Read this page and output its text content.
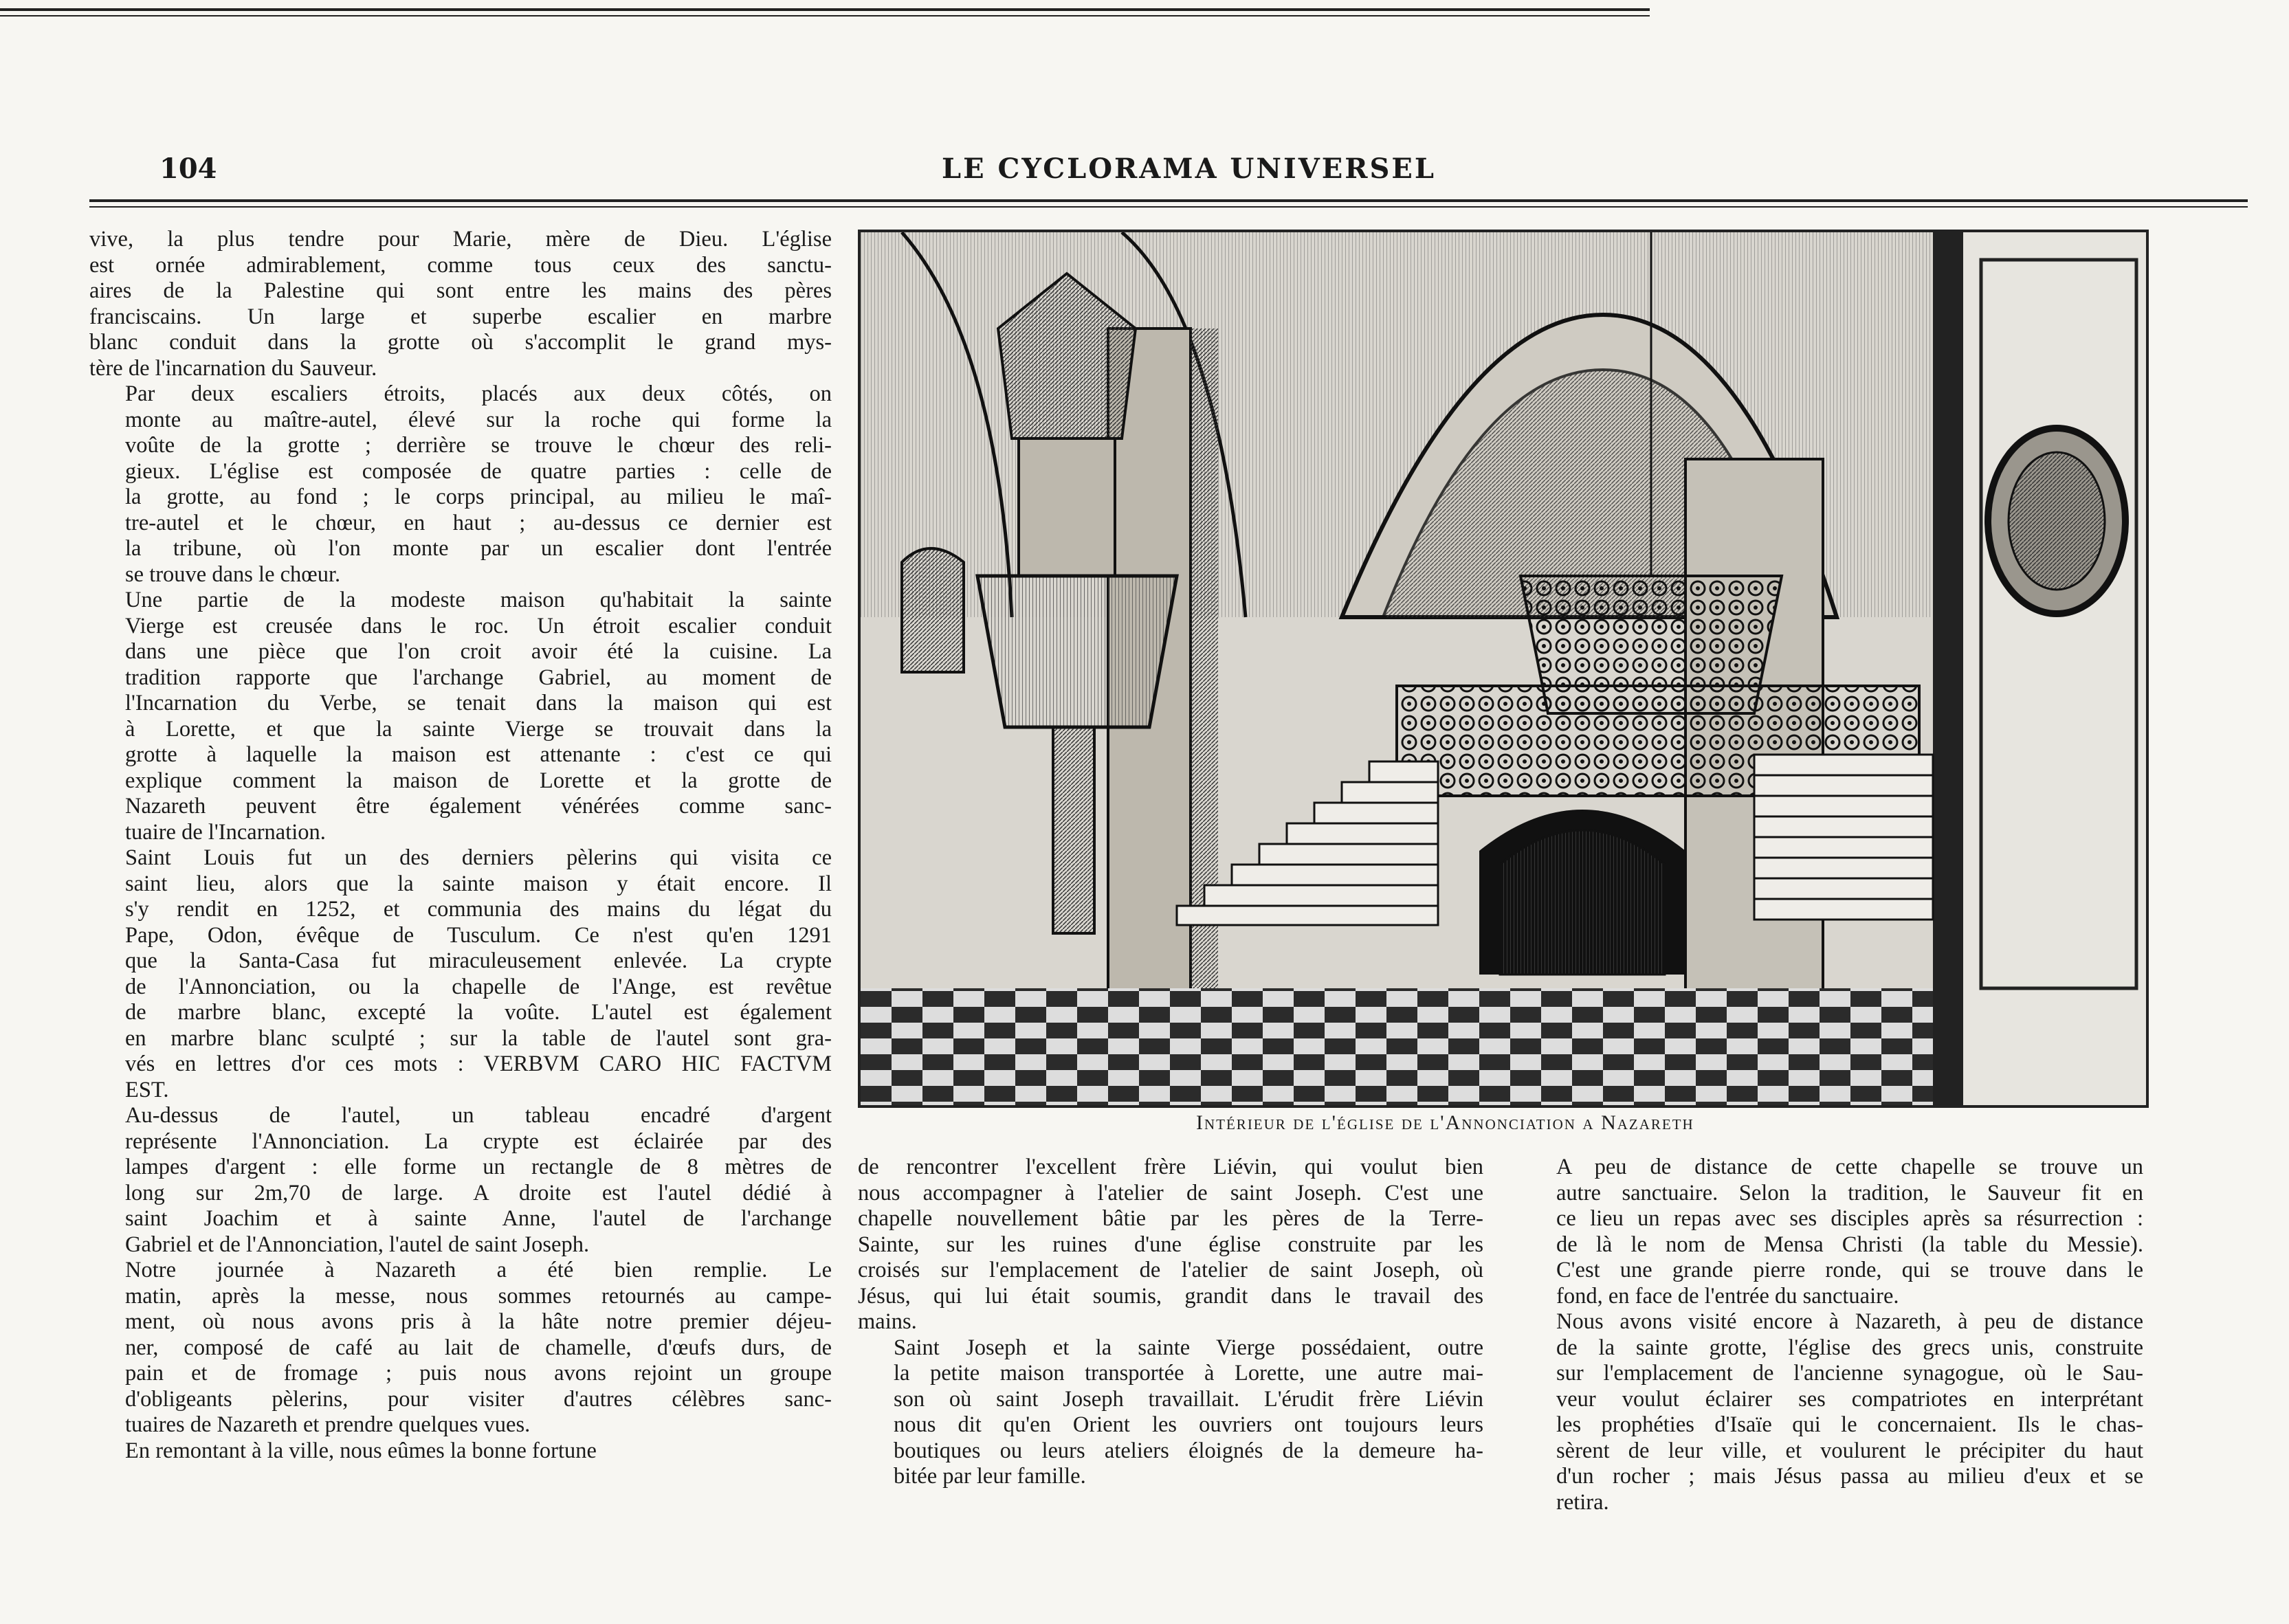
104	LE CYCLORAMA UNIVERSEL

vive, la plus tendre pour Marie, mère de Dieu. L'église
est ornée admirablement, comme tous ceux des sanctu-
aires de la Palestine qui sont entre les mains des pères
franciscains. Un large et superbe escalier en marbre
blanc conduit dans la grotte où s'accomplit le grand mys-
tère de l'incarnation du Sauveur.

Par deux escaliers étroits, placés aux deux côtés, on
monte au maître-autel, élevé sur la roche qui forme la
voûte de la grotte ; derrière se trouve le chœur des reli-
gieux. L'église est composée de quatre parties : celle de
la grotte, au fond ; le corps principal, au milieu le maî-
tre-autel et le chœur, en haut ; au-dessus ce dernier est
la tribune, où l'on monte par un escalier dont l'entrée
se trouve dans le chœur.

Une partie de la modeste maison qu'habitait la sainte
Vierge est creusée dans le roc. Un étroit escalier conduit
dans une pièce que l'on croit avoir été la cuisine. La
tradition rapporte que l'archange Gabriel, au moment de
l'Incarnation du Verbe, se tenait dans la maison qui est
à Lorette, et que la sainte Vierge se trouvait dans la
grotte à laquelle la maison est attenante : c'est ce qui
explique comment la maison de Lorette et la grotte de
Nazareth peuvent être également vénérées comme sanc-
tuaire de l'Incarnation.

Saint Louis fut un des derniers pèlerins qui visita ce
saint lieu, alors que la sainte maison y était encore. Il
s'y rendit en 1252, et communia des mains du légat du
Pape, Odon, évêque de Tusculum. Ce n'est qu'en 1291
que la Santa-Casa fut miraculeusement enlevée. La crypte
de l'Annonciation, ou la chapelle de l'Ange, est revêtue
de marbre blanc, excepté la voûte. L'autel est également
en marbre blanc sculpté ; sur la table de l'autel sont gra-
vés en lettres d'or ces mots : VERBVM CARO HIC FACTVM
EST.

Au-dessus de l'autel, un tableau encadré d'argent
représente l'Annonciation. La crypte est éclairée par des
lampes d'argent : elle forme un rectangle de 8 mètres de
long sur 2m,70 de large. A droite est l'autel dédié à
saint Joachim et à sainte Anne, l'autel de l'archange
Gabriel et de l'Annonciation, l'autel de saint Joseph.

Notre journée à Nazareth a été bien remplie. Le
matin, après la messe, nous sommes retournés au campe-
ment, où nous avons pris à la hâte notre premier déjeu-
ner, composé de café au lait de chamelle, d'œufs durs, de
pain et de fromage ; puis nous avons rejoint un groupe
d'obligeants pèlerins, pour visiter d'autres célèbres sanc-
tuaires de Nazareth et prendre quelques vues.

En remontant à la ville, nous eûmes la bonne fortune

Intérieur de l'église de l'Annonciation a Nazareth

de rencontrer l'excellent frère Liévin, qui voulut bien
nous accompagner à l'atelier de saint Joseph. C'est une
chapelle nouvellement bâtie par les pères de la Terre-
Sainte, sur les ruines d'une église construite par les
croisés sur l'emplacement de l'atelier de saint Joseph, où
Jésus, qui lui était soumis, grandit dans le travail des
mains.

Saint Joseph et la sainte Vierge possédaient, outre
la petite maison transportée à Lorette, une autre mai-
son où saint Joseph travaillait. L'érudit frère Liévin
nous dit qu'en Orient les ouvriers ont toujours leurs
boutiques ou leurs ateliers éloignés de la demeure ha-
bitée par leur famille.

A peu de distance de cette chapelle se trouve un
autre sanctuaire. Selon la tradition, le Sauveur fit en
ce lieu un repas avec ses disciples après sa résurrection :
de là le nom de Mensa Christi (la table du Messie).
C'est une grande pierre ronde, qui se trouve dans le
fond, en face de l'entrée du sanctuaire.

Nous avons visité encore à Nazareth, à peu de distance
de la sainte grotte, l'église des grecs unis, construite
sur l'emplacement de l'ancienne synagogue, où le Sau-
veur voulut éclairer ses compatriotes en interprétant
les prophéties d'Isaïe qui le concernaient. Ils le chas-
sèrent de leur ville, et voulurent le précipiter du haut
d'un rocher ; mais Jésus passa au milieu d'eux et se
retira.
